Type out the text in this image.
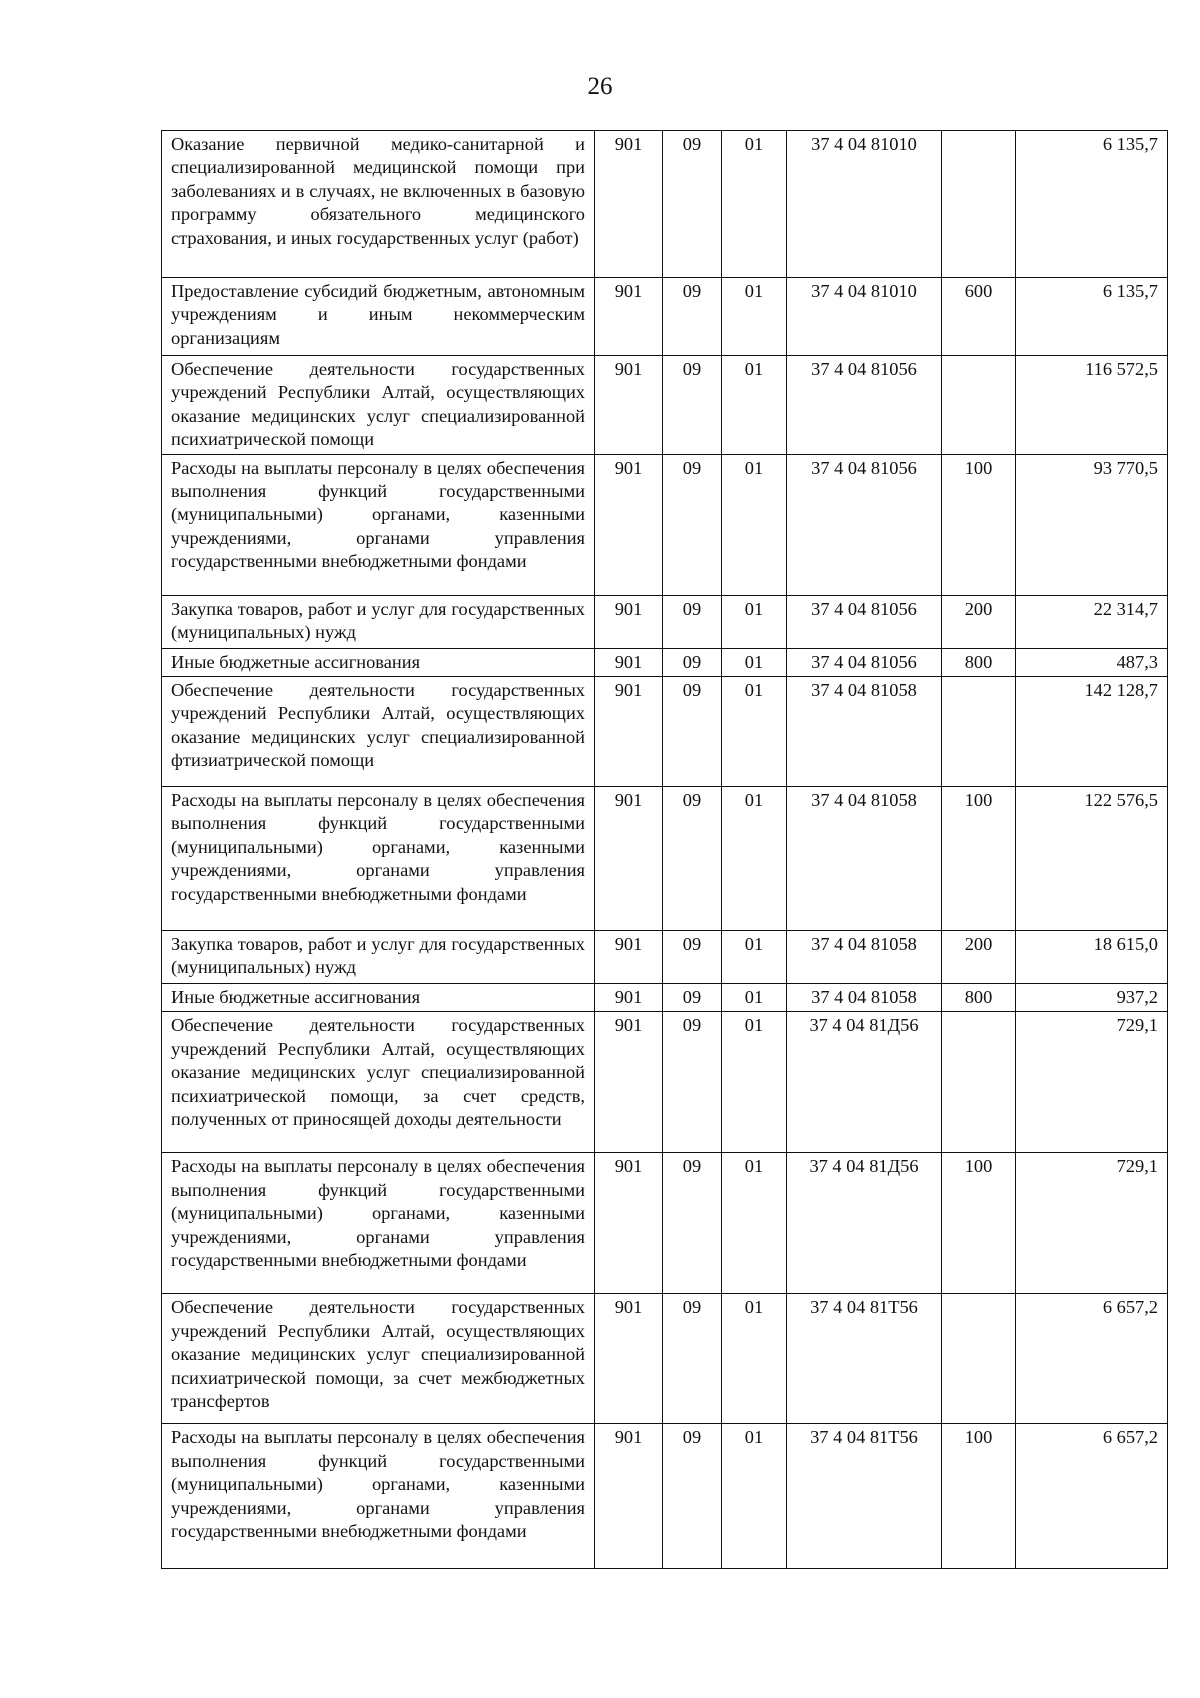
26
Оказание первичной медико-санитарной и специализированной медицинской помощи при заболеваниях и в случаях, не включенных в базовую программу обязательного медицинского страхования, и иных государственных услуг (работ)	901	09	01	37 4 04 81010		6 135,7
Предоставление субсидий бюджетным, автономным учреждениям и иным некоммерческим организациям	901	09	01	37 4 04 81010	600	6 135,7
Обеспечение деятельности государственных учреждений Республики Алтай, осуществляющих оказание медицинских услуг специализированной психиатрической помощи	901	09	01	37 4 04 81056		116 572,5
Расходы на выплаты персоналу в целях обеспечения выполнения функций государственными (муниципальными) органами, казенными учреждениями, органами управления государственными внебюджетными фондами	901	09	01	37 4 04 81056	100	93 770,5
Закупка товаров, работ и услуг для государственных (муниципальных) нужд	901	09	01	37 4 04 81056	200	22 314,7
Иные бюджетные ассигнования	901	09	01	37 4 04 81056	800	487,3
Обеспечение деятельности государственных учреждений Республики Алтай, осуществляющих оказание медицинских услуг специализированной фтизиатрической помощи	901	09	01	37 4 04 81058		142 128,7
Расходы на выплаты персоналу в целях обеспечения выполнения функций государственными (муниципальными) органами, казенными учреждениями, органами управления государственными внебюджетными фондами	901	09	01	37 4 04 81058	100	122 576,5
Закупка товаров, работ и услуг для государственных (муниципальных) нужд	901	09	01	37 4 04 81058	200	18 615,0
Иные бюджетные ассигнования	901	09	01	37 4 04 81058	800	937,2
Обеспечение деятельности государственных учреждений Республики Алтай, осуществляющих оказание медицинских услуг специализированной психиатрической помощи, за счет средств, полученных от приносящей доходы деятельности	901	09	01	37 4 04 81Д56		729,1
Расходы на выплаты персоналу в целях обеспечения выполнения функций государственными (муниципальными) органами, казенными учреждениями, органами управления государственными внебюджетными фондами	901	09	01	37 4 04 81Д56	100	729,1
Обеспечение деятельности государственных учреждений Республики Алтай, осуществляющих оказание медицинских услуг специализированной психиатрической помощи, за счет межбюджетных трансфертов	901	09	01	37 4 04 81Т56		6 657,2
Расходы на выплаты персоналу в целях обеспечения выполнения функций государственными (муниципальными) органами, казенными учреждениями, органами управления государственными внебюджетными фондами	901	09	01	37 4 04 81Т56	100	6 657,2
